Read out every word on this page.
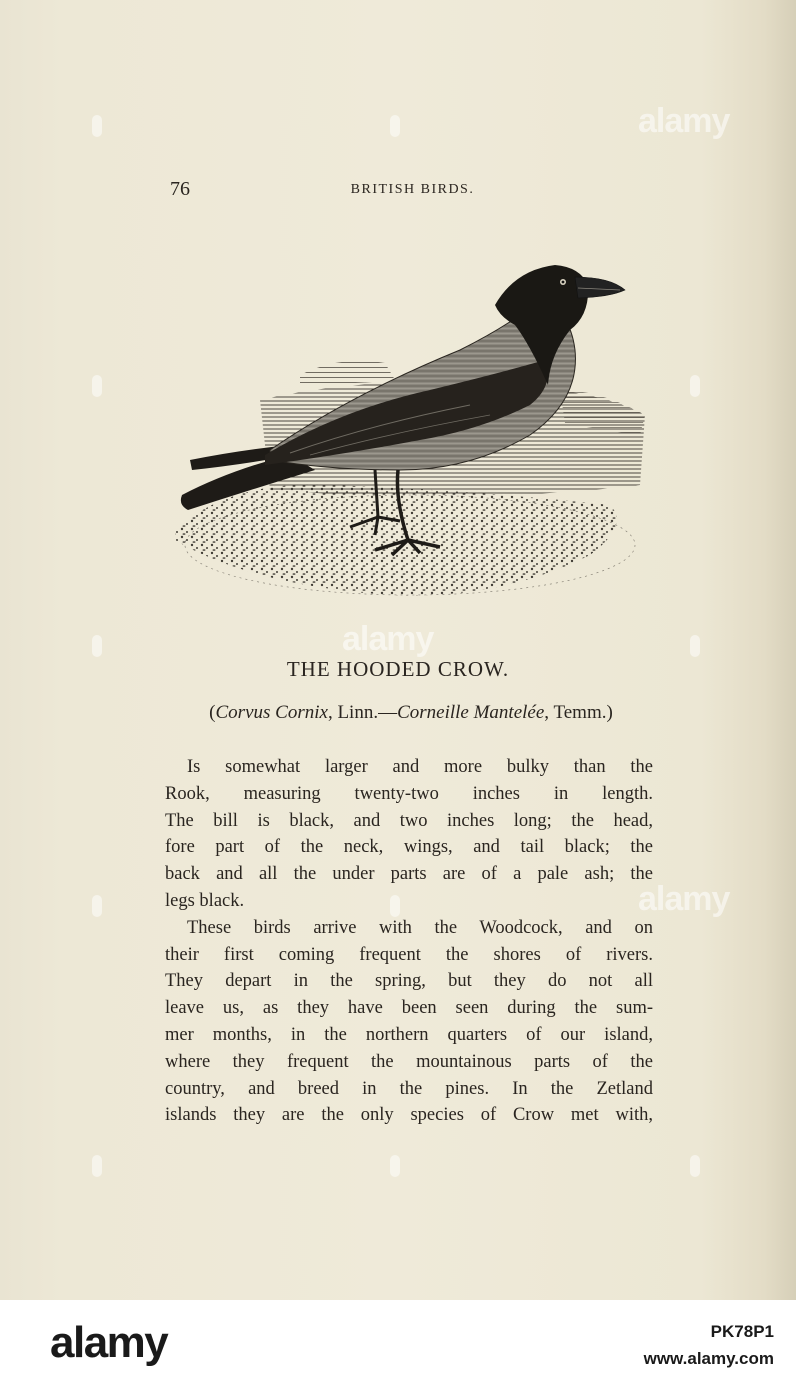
76	BRITISH BIRDS.
THE HOODED CROW.
(Corvus Cornix, Linn.—Corneille Mantelée, Temm.)
Is somewhat larger and more bulky than the
Rook, measuring twenty-two inches in length.
The bill is black, and two inches long; the head,
fore part of the neck, wings, and tail black; the
back and all the under parts are of a pale ash; the
legs black.
These birds arrive with the Woodcock, and on
their first coming frequent the shores of rivers.
They depart in the spring, but they do not all
leave us, as they have been seen during the sum-
mer months, in the northern quarters of our island,
where they frequent the mountainous parts of the
country, and breed in the pines. In the Zetland
islands they are the only species of Crow met with,
alamy
alamy
alamy
alamy	PK78P1
www.alamy.com
